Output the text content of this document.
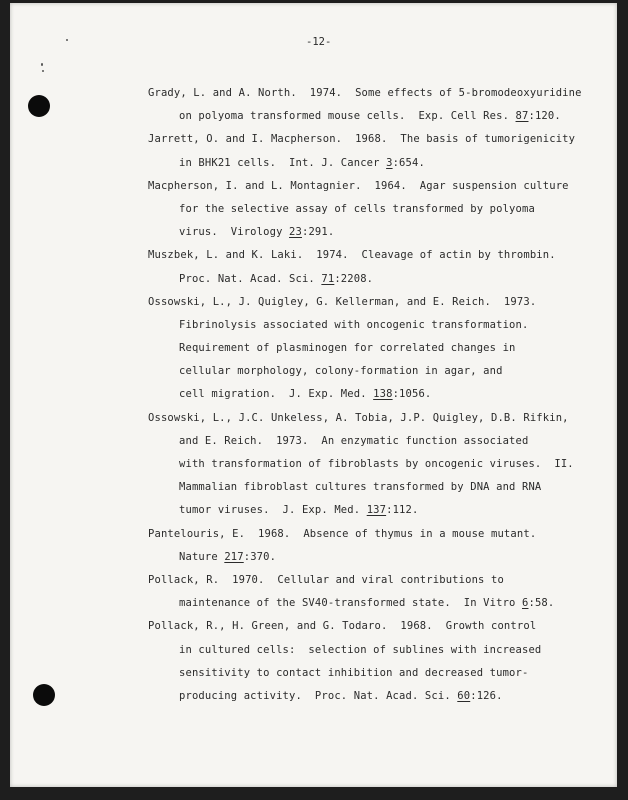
-12-
Grady, L. and A. North.  1974.  Some effects of 5-bromodeoxyuridine
on polyoma transformed mouse cells.  Exp. Cell Res. 87:120.
Jarrett, O. and I. Macpherson.  1968.  The basis of tumorigenicity
in BHK21 cells.  Int. J. Cancer 3:654.
Macpherson, I. and L. Montagnier.  1964.  Agar suspension culture
for the selective assay of cells transformed by polyoma
virus.  Virology 23:291.
Muszbek, L. and K. Laki.  1974.  Cleavage of actin by thrombin.
Proc. Nat. Acad. Sci. 71:2208.
Ossowski, L., J. Quigley, G. Kellerman, and E. Reich.  1973.
Fibrinolysis associated with oncogenic transformation.
Requirement of plasminogen for correlated changes in
cellular morphology, colony-formation in agar, and
cell migration.  J. Exp. Med. 138:1056.
Ossowski, L., J.C. Unkeless, A. Tobia, J.P. Quigley, D.B. Rifkin,
and E. Reich.  1973.  An enzymatic function associated
with transformation of fibroblasts by oncogenic viruses.  II.
Mammalian fibroblast cultures transformed by DNA and RNA
tumor viruses.  J. Exp. Med. 137:112.
Pantelouris, E.  1968.  Absence of thymus in a mouse mutant.
Nature 217:370.
Pollack, R.  1970.  Cellular and viral contributions to
maintenance of the SV40-transformed state.  In Vitro 6:58.
Pollack, R., H. Green, and G. Todaro.  1968.  Growth control
in cultured cells:  selection of sublines with increased
sensitivity to contact inhibition and decreased tumor-
producing activity.  Proc. Nat. Acad. Sci. 60:126.
